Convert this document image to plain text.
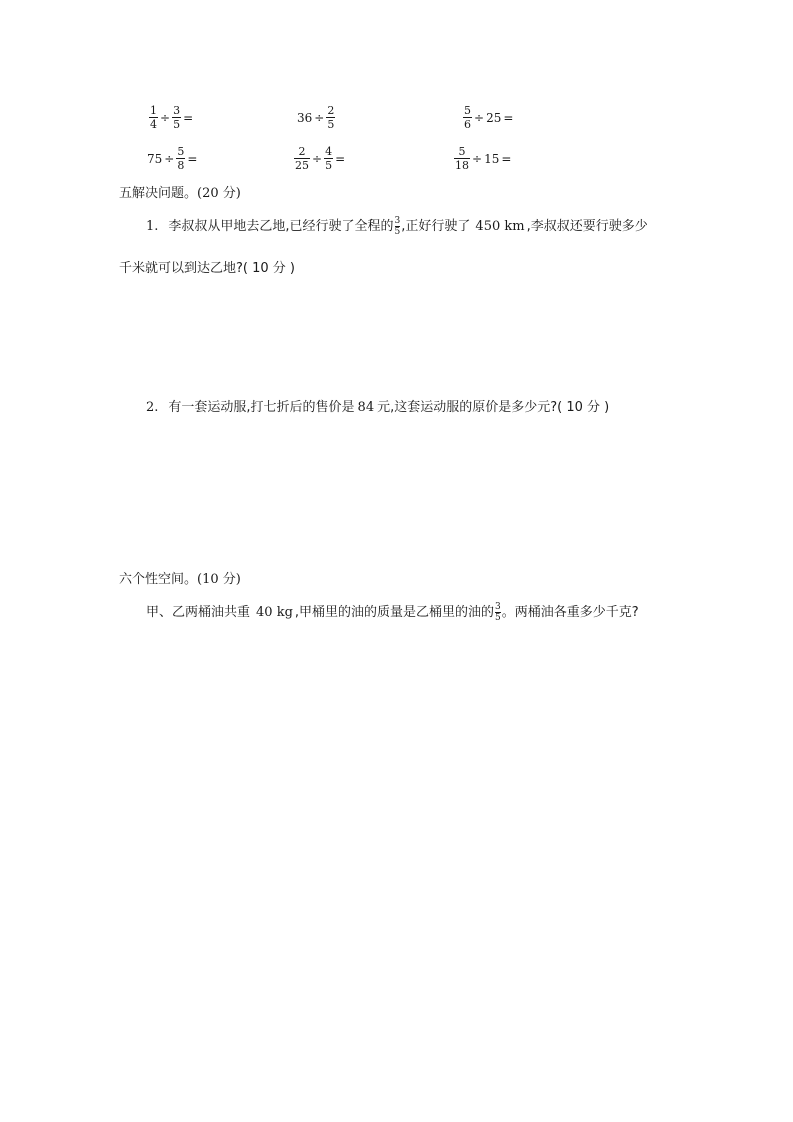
$\frac{1}{4} \div \frac{3}{5}$ =	$36 \div \frac{2}{5}$	$\frac{5}{6} \div 25$ =
$75 \div \frac{5}{8}$ =	$\frac{2}{25} \div \frac{4}{5}$ =	$\frac{5}{18} \div 15$ =
五解决问题。(20 分)
1. 李叔叔从甲地去乙地,已经行驶了全程的 3
5 ,正好行驶了 450 km ,李叔叔还要行驶多少
千米就可以到达乙地?( 10 分 )
2. 有一套运动服,打七折后的售价是 84 元,这套运动服的原价是多少元?( 10 分 )
六个性空间。(10 分)
甲、乙两桶油共重 40 kg ,甲桶里的油的质量是乙桶里的油的 3
5 。两桶油各重多少千克?
